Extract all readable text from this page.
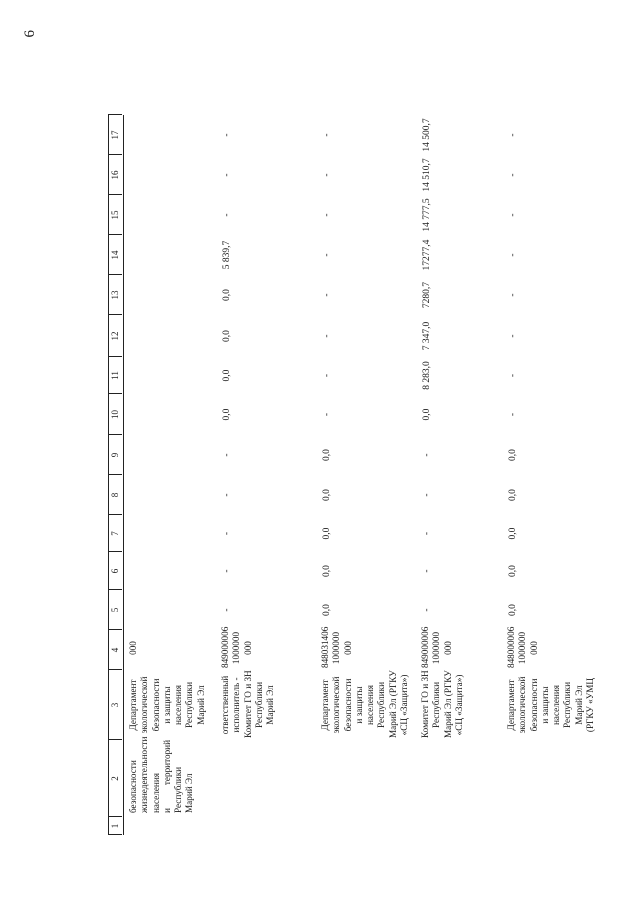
6
1
2
3
4
5
6
7
8
9
10
11
12
13
14
15
16
17
безопасности
жизнедеятельности
населения
и          территорий
Республики
Марий Эл
Департамент
экологической
безопасности
и защиты
населения
Республики
Марий Эл
000
ответственный
исполнитель -
Комитет ГО и ЗН
Республики
Марий Эл
849000006
1000000
000
-
-
-
-
-
0,0
0,0
0,0
0,0
5 839,7
-
-
-
Департамент
экологической
безопасности
и защиты
населения
Республики
Марий Эл (РГКУ
«СЦ «Защита»)
848031406
1000000
000
0,0
0,0
0,0
0,0
0,0
-
-
-
-
-
-
-
-
Комитет ГО и ЗН
Республики
Марий Эл (РГКУ
«СЦ «Защита»)
849000006
1000000
000
-
-
-
-
-
0,0
8 283,0
7 347,0
7280,7
17277,4
14 777,5
14 510,7
14 500,7
Департамент
экологической
безопасности
и защиты
населения
Республики
Марий Эл
(РГКУ «УМЦ
848000006
1000000
000
0,0
0,0
0,0
0,0
0,0
-
-
-
-
-
-
-
-
